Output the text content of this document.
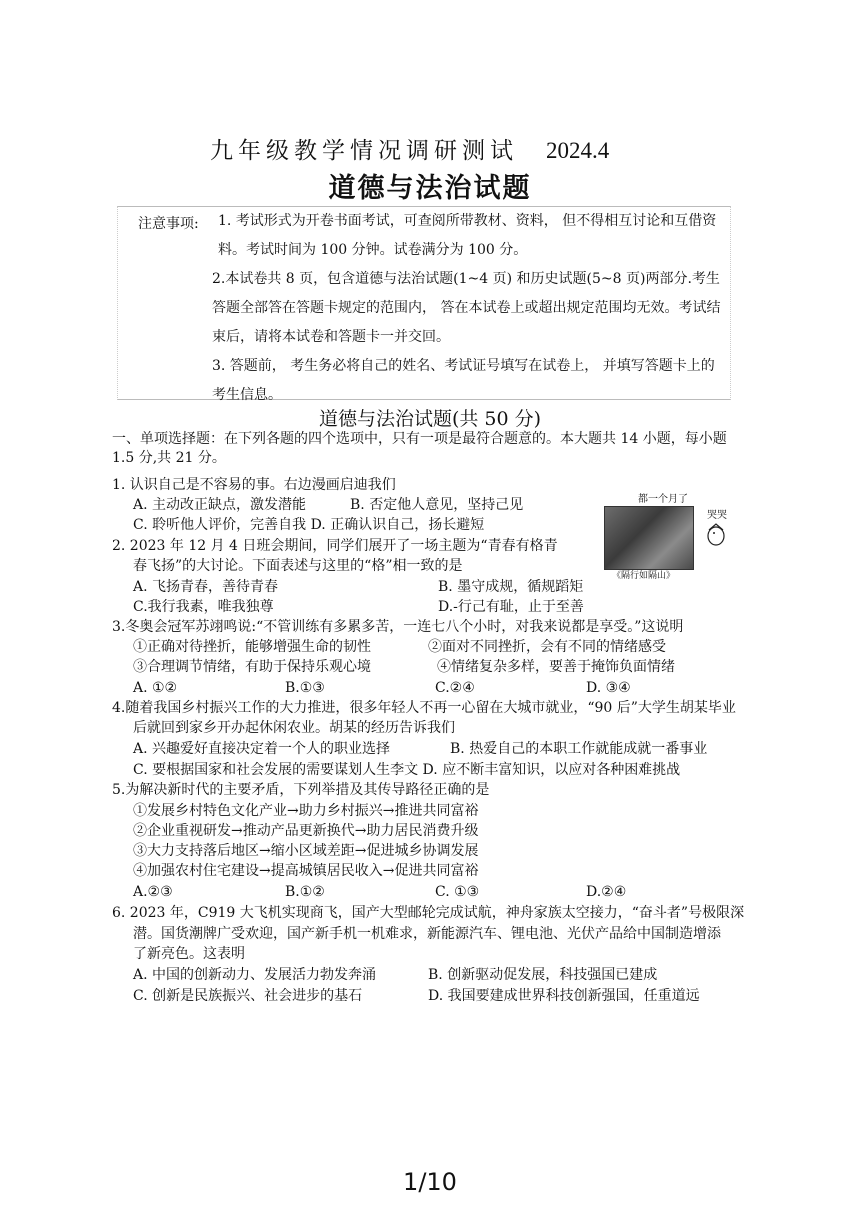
九年级教学情况调研测试 2024.4
道德与法治试题
注意事项: 1. 考试形式为开卷书面考试，可查阅所带教材、资料， 但不得相互讨论和互借资料。考试时间为 100 分钟。试卷满分为 100 分。
2.本试卷共 8 页，包含道德与法治试题(1~4 页) 和历史试题(5~8 页)两部分.考生答题全部答在答题卡规定的范围内， 答在本试卷上或超出规定范围均无效。考试结束后，请将本试卷和答题卡一并交回。
3. 答题前， 考生务必将自己的姓名、考试证号填写在试卷上， 并填写答题卡上的考生信息。
道德与法治试题(共 50 分)
一、单项选择题：在下列各题的四个选项中，只有一项是最符合题意的。本大题共 14 小题，每小题 1.5 分,共 21 分。
1. 认识自己是不容易的事。右边漫画启迪我们
A. 主动改正缺点，激发潜能	B. 否定他人意见，坚持己见
C. 聆听他人评价，完善自我 D. 正确认识自己，扬长避短
都一个月了
哭哭
《隔行如隔山》
2. 2023 年 12 月 4 日班会期间，同学们展开了一场主题为“青春有格青
春飞扬”的大讨论。下面表述与这里的“格”相一致的是
A. 飞扬青春，善待青春	B. 墨守成规，循规蹈矩
C.我行我素，唯我独尊	D.-行己有耻，止于至善
3.冬奥会冠军苏翊鸣说:“不管训练有多累多苦，一连七八个小时，对我来说都是享受。”这说明
①正确对待挫折，能够增强生命的韧性	②面对不同挫折，会有不同的情绪感受
③合理调节情绪，有助于保持乐观心境	④情绪复杂多样，要善于掩饰负面情绪
A. ①②	B.①③	C.②④	D. ③④
4.随着我国乡村振兴工作的大力推进，很多年轻人不再一心留在大城市就业，“90 后”大学生胡某毕业
后就回到家乡开办起休闲农业。胡某的经历告诉我们
A. 兴趣爱好直接决定着一个人的职业选择	B. 热爱自己的本职工作就能成就一番事业
C. 要根据国家和社会发展的需要谋划人生李文 D. 应不断丰富知识，以应对各种困难挑战
5.为解决新时代的主要矛盾，下列举措及其传导路径正确的是
①发展乡村特色文化产业→助力乡村振兴→推进共同富裕
②企业重视研发→推动产品更新换代→助力居民消费升级
③大力支持落后地区→缩小区域差距→促进城乡协调发展
④加强农村住宅建设→提高城镇居民收入→促进共同富裕
A.②③	B.①②	C. ①③	D.②④
6. 2023 年，C919 大飞机实现商飞，国产大型邮轮完成试航，神舟家族太空接力，“奋斗者”号极限深
潜。国货潮牌广受欢迎，国产新手机一机难求，新能源汽车、锂电池、光伏产品给中国制造增添
了新亮色。这表明
A. 中国的创新动力、发展活力勃发奔涌	B. 创新驱动促发展，科技强国已建成
C. 创新是民族振兴、社会进步的基石	D. 我国要建成世界科技创新强国，任重道远
1/10
